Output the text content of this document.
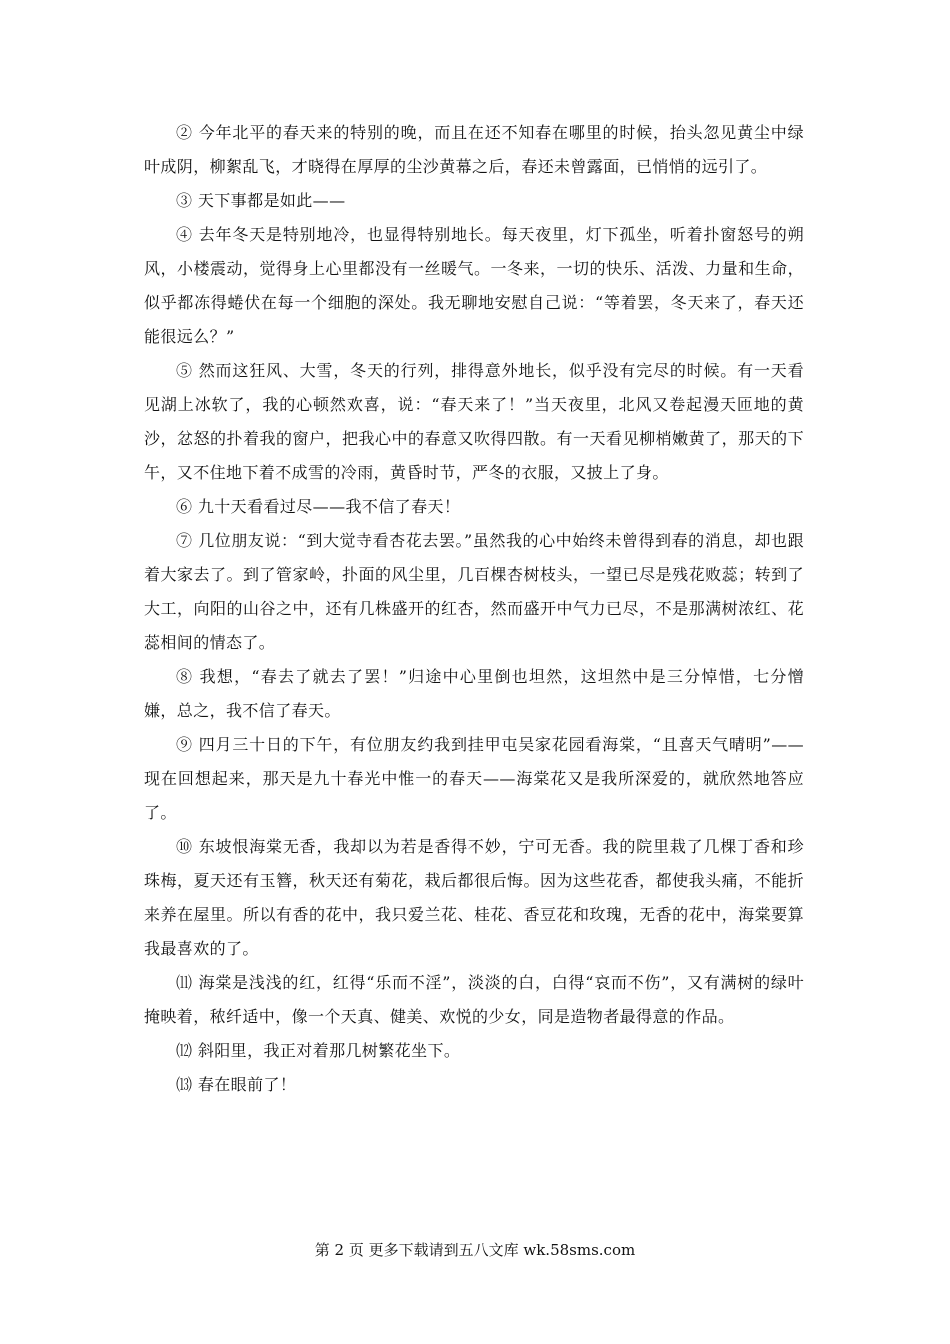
② 今年北平的春天来的特别的晚，而且在还不知春在哪里的时候，抬头忽见黄尘中绿叶成阴，柳絮乱飞，才晓得在厚厚的尘沙黄幕之后，春还未曾露面，已悄悄的远引了。

③ 天下事都是如此——

④ 去年冬天是特别地冷，也显得特别地长。每天夜里，灯下孤坐，听着扑窗怒号的朔风，小楼震动，觉得身上心里都没有一丝暖气。一冬来，一切的快乐、活泼、力量和生命，似乎都冻得蜷伏在每一个细胞的深处。我无聊地安慰自己说：“等着罢，冬天来了，春天还能很远么？”

⑤ 然而这狂风、大雪，冬天的行列，排得意外地长，似乎没有完尽的时候。有一天看见湖上冰软了，我的心顿然欢喜，说：“春天来了！”当天夜里，北风又卷起漫天匝地的黄沙，忿怒的扑着我的窗户，把我心中的春意又吹得四散。有一天看见柳梢嫩黄了，那天的下午，又不住地下着不成雪的冷雨，黄昏时节，严冬的衣服，又披上了身。

⑥ 九十天看看过尽——我不信了春天！

⑦ 几位朋友说：“到大觉寺看杏花去罢。”虽然我的心中始终未曾得到春的消息，却也跟着大家去了。到了管家岭，扑面的风尘里，几百棵杏树枝头，一望已尽是残花败蕊；转到了大工，向阳的山谷之中，还有几株盛开的红杏，然而盛开中气力已尽，不是那满树浓红、花蕊相间的情态了。

⑧ 我想，“春去了就去了罢！”归途中心里倒也坦然，这坦然中是三分悼惜，七分憎嫌，总之，我不信了春天。

⑨ 四月三十日的下午，有位朋友约我到挂甲屯吴家花园看海棠，“且喜天气晴明”——现在回想起来，那天是九十春光中惟一的春天——海棠花又是我所深爱的，就欣然地答应了。

⑩ 东坡恨海棠无香，我却以为若是香得不妙，宁可无香。我的院里栽了几棵丁香和珍珠梅，夏天还有玉簪，秋天还有菊花，栽后都很后悔。因为这些花香，都使我头痛，不能折来养在屋里。所以有香的花中，我只爱兰花、桂花、香豆花和玫瑰，无香的花中，海棠要算我最喜欢的了。

⑾ 海棠是浅浅的红，红得“乐而不淫”，淡淡的白，白得“哀而不伤”，又有满树的绿叶掩映着，秾纤适中，像一个天真、健美、欢悦的少女，同是造物者最得意的作品。

⑿ 斜阳里，我正对着那几树繁花坐下。

⒀ 春在眼前了！

第 2 页 更多下载请到五八文库 wk.58sms.com
